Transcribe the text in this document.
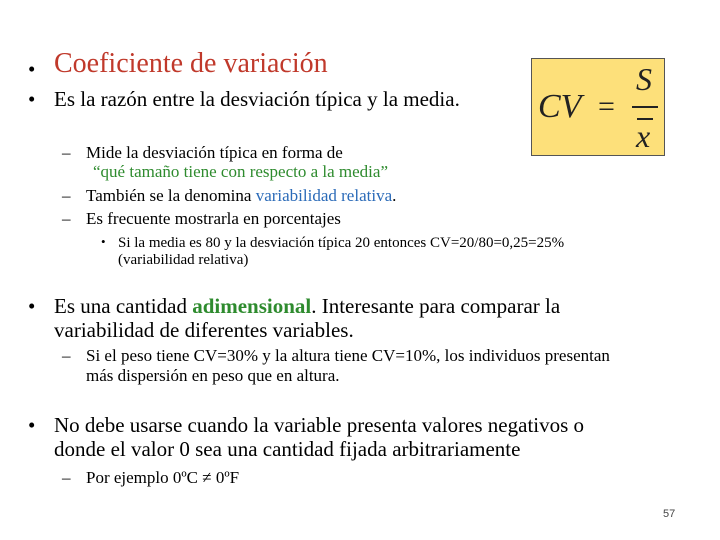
• Coeficiente de variación
• Es la razón entre la desviación típica y la media. CV =
S
x
– Mide la desviación típica en forma de
“qué tamaño tiene con respecto a la media”
– También se la denomina variabilidad relativa.
– Es frecuente mostrarla en porcentajes
• Si la media es 80 y la desviación típica 20 entonces CV=20/80=0,25=25%
(variabilidad relativa)
• Es una cantidad adimensional. Interesante para comparar la
variabilidad de diferentes variables.
– Si el peso tiene CV=30% y la altura tiene CV=10%, los individuos presentan
más dispersión en peso que en altura.
• No debe usarse cuando la variable presenta valores negativos o
donde el valor 0 sea una cantidad fijada arbitrariamente
– Por ejemplo 0ºC ≠ 0ºF
57
